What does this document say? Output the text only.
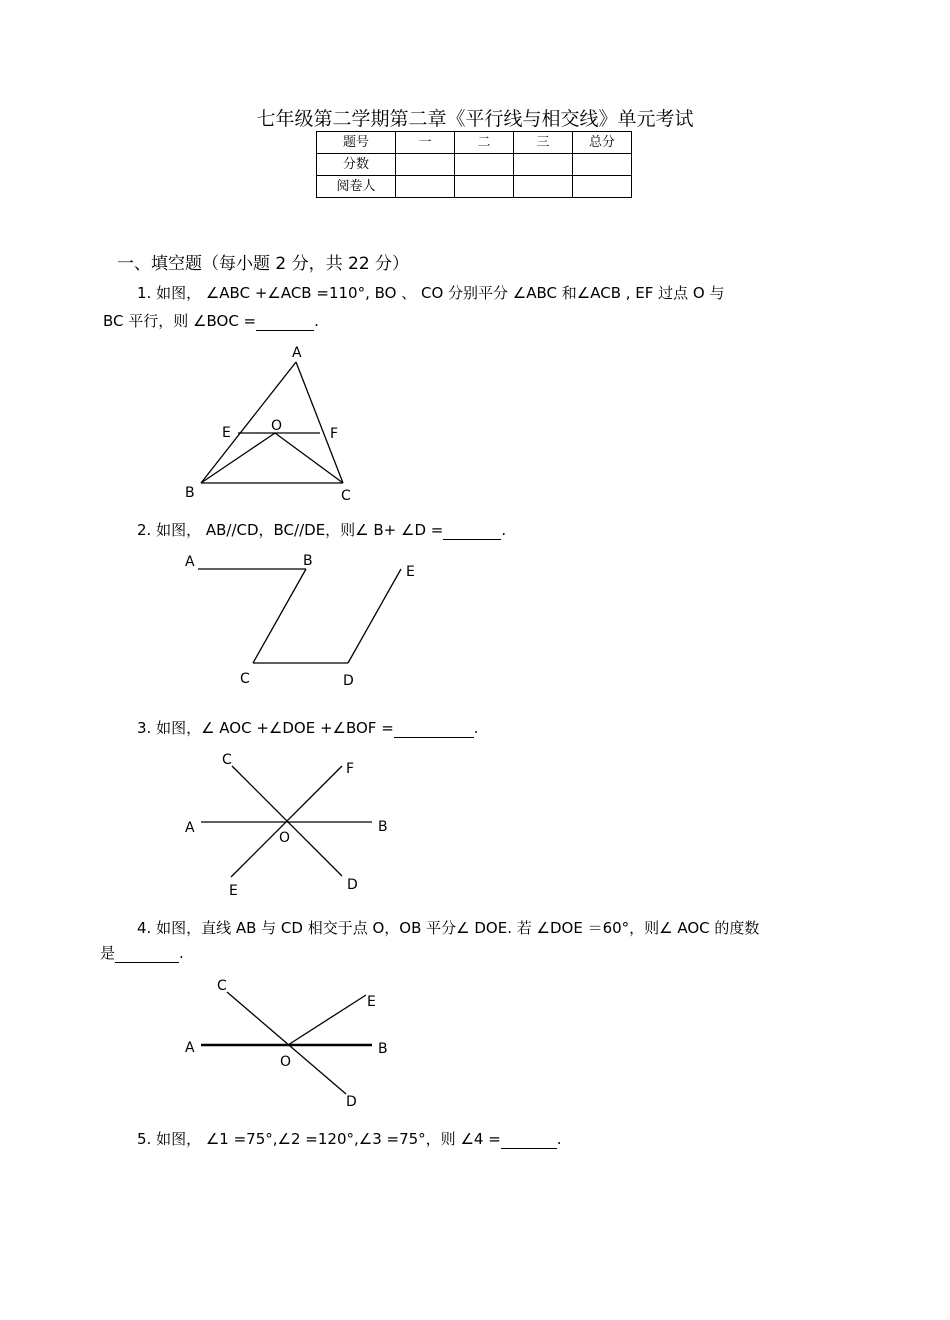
七年级第二学期第二章《平行线与相交线》单元考试
题号	一	二	三	总分
分数				
阅卷人				
一、填空题（每小题 2 分，共 22 分）
1. 如图， ∠ABC +∠ACB =110°, BO 、 CO 分别平分 ∠ABC 和∠ACB , EF 过点 O 与
BC 平行，则 ∠BOC =	.
2. 如图， AB//CD，BC//DE，则∠ B+ ∠D =	.
3. 如图，∠ AOC +∠DOE +∠BOF =	.
4. 如图，直线 AB 与 CD 相交于点 O，OB 平分∠ DOE. 若 ∠DOE ＝60°，则∠ AOC 的度数
是	.
5. 如图， ∠1 =75°,∠2 =120°,∠3 =75°，则 ∠4 =	.
A
E	O	F
B	C
A	B
E
C	D
C
F
A
O
B
E	D
C
E
A
O
B
D
